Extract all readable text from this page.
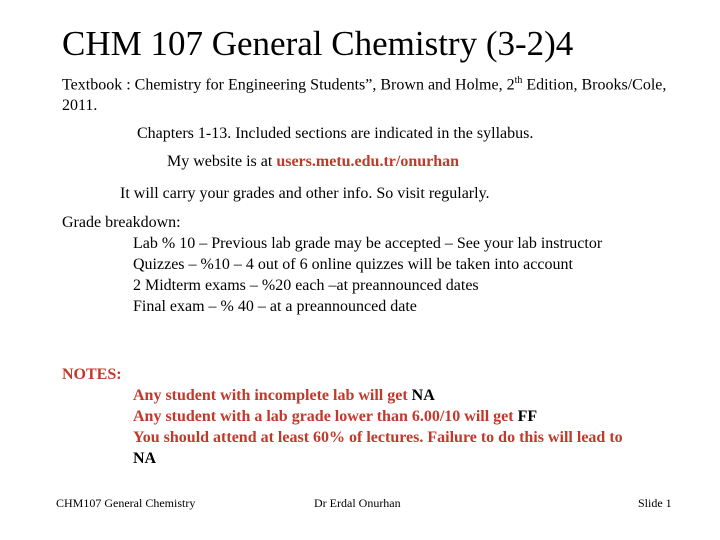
CHM 107 General Chemistry (3-2)4
Textbook : Chemistry for Engineering Students”, Brown and Holme, 2th Edition, Brooks/Cole, 2011.
Chapters 1-13. Included sections are indicated in the syllabus.
My website is at users.metu.edu.tr/onurhan
It will carry your grades and other info. So visit regularly.
Grade breakdown:

Lab % 10 – Previous lab grade may be accepted – See your lab instructor

Quizzes – %10 – 4 out of 6 online quizzes will be taken into account

2 Midterm exams – %20 each –at preannounced dates

Final exam – % 40 – at a preannounced date

NOTES:

Any student with incomplete lab will get NA

Any student with a lab grade lower than 6.00/10 will get FF

You should attend at least 60% of lectures. Failure to do this will lead to NA

CHM107 General Chemistry	Dr Erdal Onurhan	Slide 1
